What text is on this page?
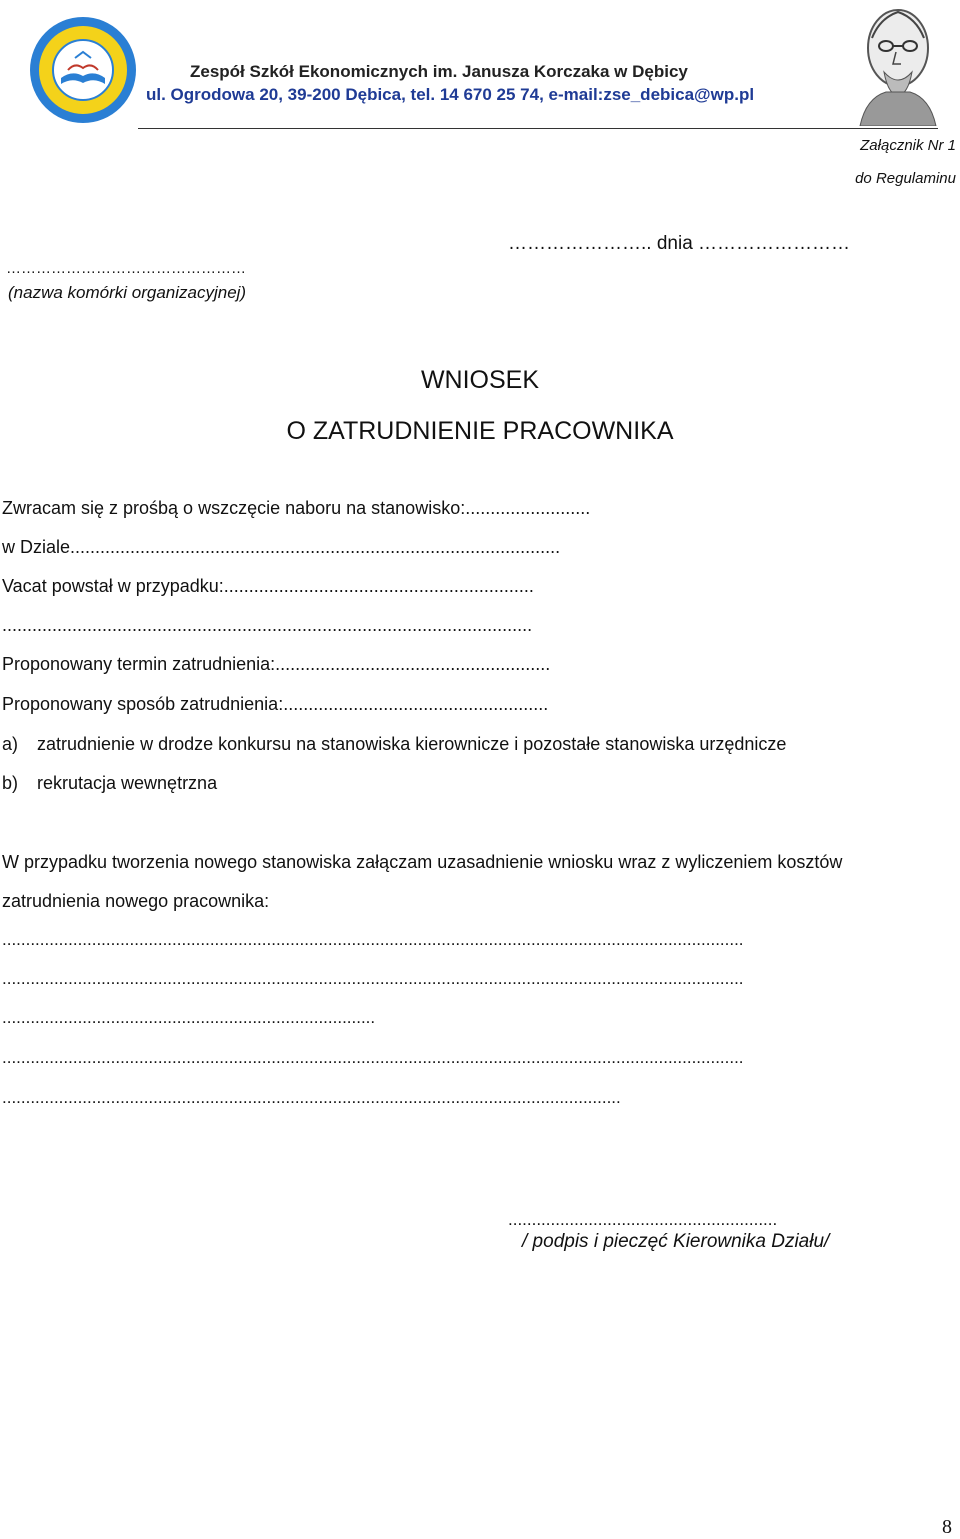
Zespół Szkół Ekonomicznych im. Janusza Korczaka w Dębicy
ul. Ogrodowa 20, 39-200 Dębica, tel. 14 670 25 74, e-mail:zse_debica@wp.pl
Załącznik Nr 1
do Regulaminu
………………….. dnia ……………………
…………………………………………
(nazwa komórki organizacyjnej)
WNIOSEK
O ZATRUDNIENIE PRACOWNIKA
Zwracam się z prośbą o wszczęcie naboru na stanowisko:.........................
w Dziale..................................................................................................
Vacat powstał w przypadku:..............................................................
..........................................................................................................
Proponowany termin zatrudnienia:.......................................................
Proponowany sposób zatrudnienia:.....................................................
a) zatrudnienie w drodze konkursu na stanowiska kierownicze i pozostałe stanowiska urzędnicze
b) rekrutacja wewnętrzna
W przypadku tworzenia nowego stanowiska załączam uzasadnienie wniosku wraz z wyliczeniem kosztów
zatrudnienia nowego pracownika:
.............................................................................................................................................................
.............................................................................................................................................................
...............................................................................
.............................................................................................................................................................
...................................................................................................................................
.........................................................
/ podpis i pieczęć Kierownika Działu/
8
